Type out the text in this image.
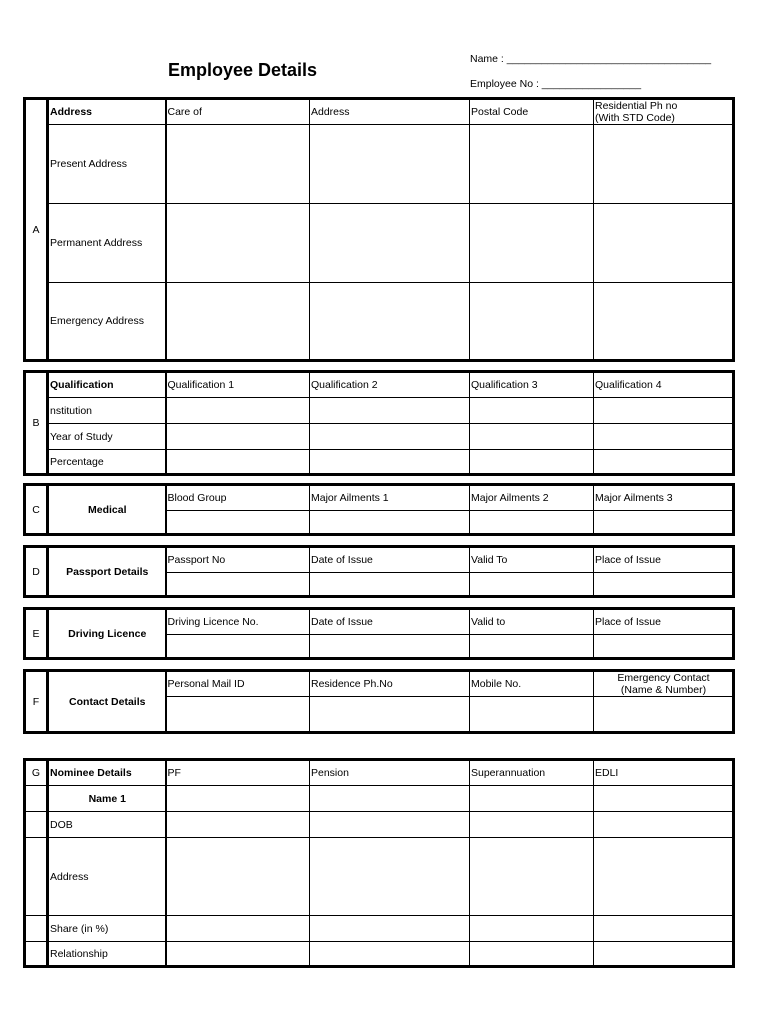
Employee Details
Name : ___________________________________
Employee No : _________________
A	Address	Care of	Address	Postal Code	Residential Ph no
(With STD Code)

	Present Address				
	Permanent Address				
	Emergency Address				
B	Qualification	Qualification 1	Qualification 2	Qualification 3	Qualification 4
	nstitution				
	Year of Study				
	Percentage				
C	Medical	Blood Group	Major Ailments 1	Major Ailments 2	Major Ailments 3

D	Passport Details	Passport No	Date of Issue	Valid To	Place of Issue

E	Driving Licence	Driving Licence No.	Date of Issue	Valid to	Place of Issue

F	Contact Details	Personal Mail ID	Residence Ph.No	Mobile No.	Emergency Contact
(Name & Number)

G	Nominee Details	PF	Pension	Superannuation	EDLI
	Name 1				
	DOB				
	Address				
	Share (in %)				
	Relationship				
